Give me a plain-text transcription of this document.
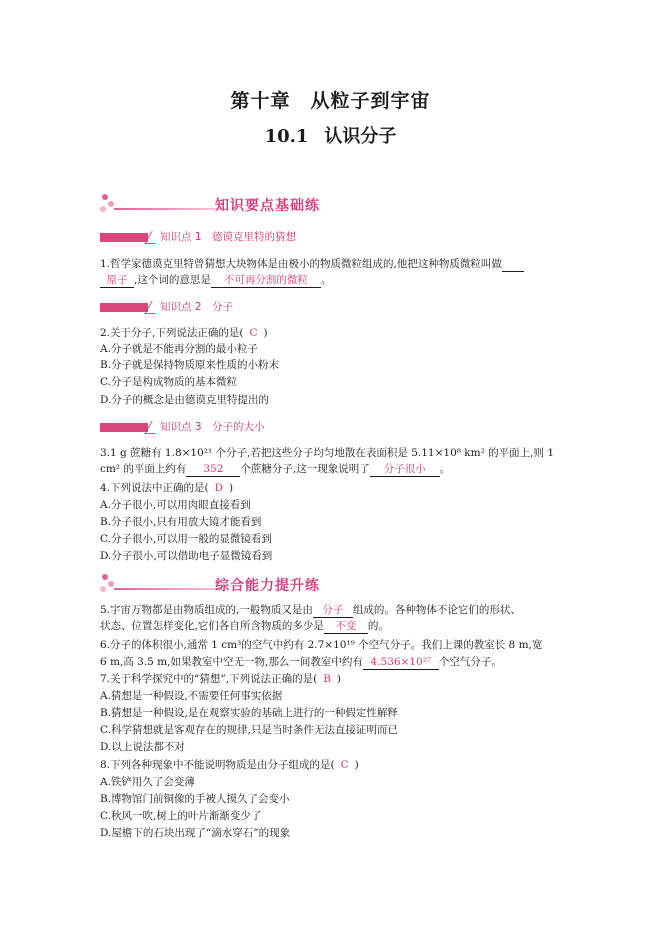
第十章　从粒子到宇宙
10.1 认识分子
知识要点基础练
知识点 1　德谟克里特的猜想
1.哲学家德谟克里特曾猜想大块物体是由极小的物质微粒组成的,他把这种物质微粒叫做
原子 ,这个词的意思是 不可再分割的微粒 。
知识点 2　分子
2.关于分子,下列说法正确的是( C )
A.分子就是不能再分割的最小粒子
B.分子就是保持物质原来性质的小粉末
C.分子是构成物质的基本微粒
D.分子的概念是由德谟克里特提出的
知识点 3　分子的大小
3.1 g 蔗糖有 1.8×10²¹ 个分子,若把这些分子均匀地散在表面积是 5.11×10⁸ km² 的平面上,则 1
cm² 的平面上约有 352 个蔗糖分子,这一现象说明了 分子很小 。
4.下列说法中正确的是( D )
A.分子很小,可以用肉眼直接看到
B.分子很小,只有用放大镜才能看到
C.分子很小,可以用一般的显微镜看到
D.分子很小,可以借助电子显微镜看到
综合能力提升练
5.宇宙万物都是由物质组成的,一般物质又是由 分子 组成的。各种物体不论它们的形状、
状态、位置怎样变化,它们各自所含物质的多少是 不变 的。
6.分子的体积很小,通常 1 cm³的空气中约有 2.7×10¹⁹ 个空气分子。我们上课的教室长 8 m,宽
6 m,高 3.5 m,如果教室中空无一物,那么一间教室中约有 4.536×10²⁷ 个空气分子。
7.关于科学探究中的“猜想”,下列说法正确的是( B )
A.猜想是一种假设,不需要任何事实依据
B.猜想是一种假设,是在观察实验的基础上进行的一种假定性解释
C.科学猜想就是客观存在的规律,只是当时条件无法直接证明而已
D.以上说法都不对
8.下列各种现象中不能说明物质是由分子组成的是( C )
A.铁铲用久了会变薄
B.博物馆门前铜像的手被人摸久了会变小
C.秋风一吹,树上的叶片渐渐变少了
D.屋檐下的石块出现了“滴水穿石”的现象
